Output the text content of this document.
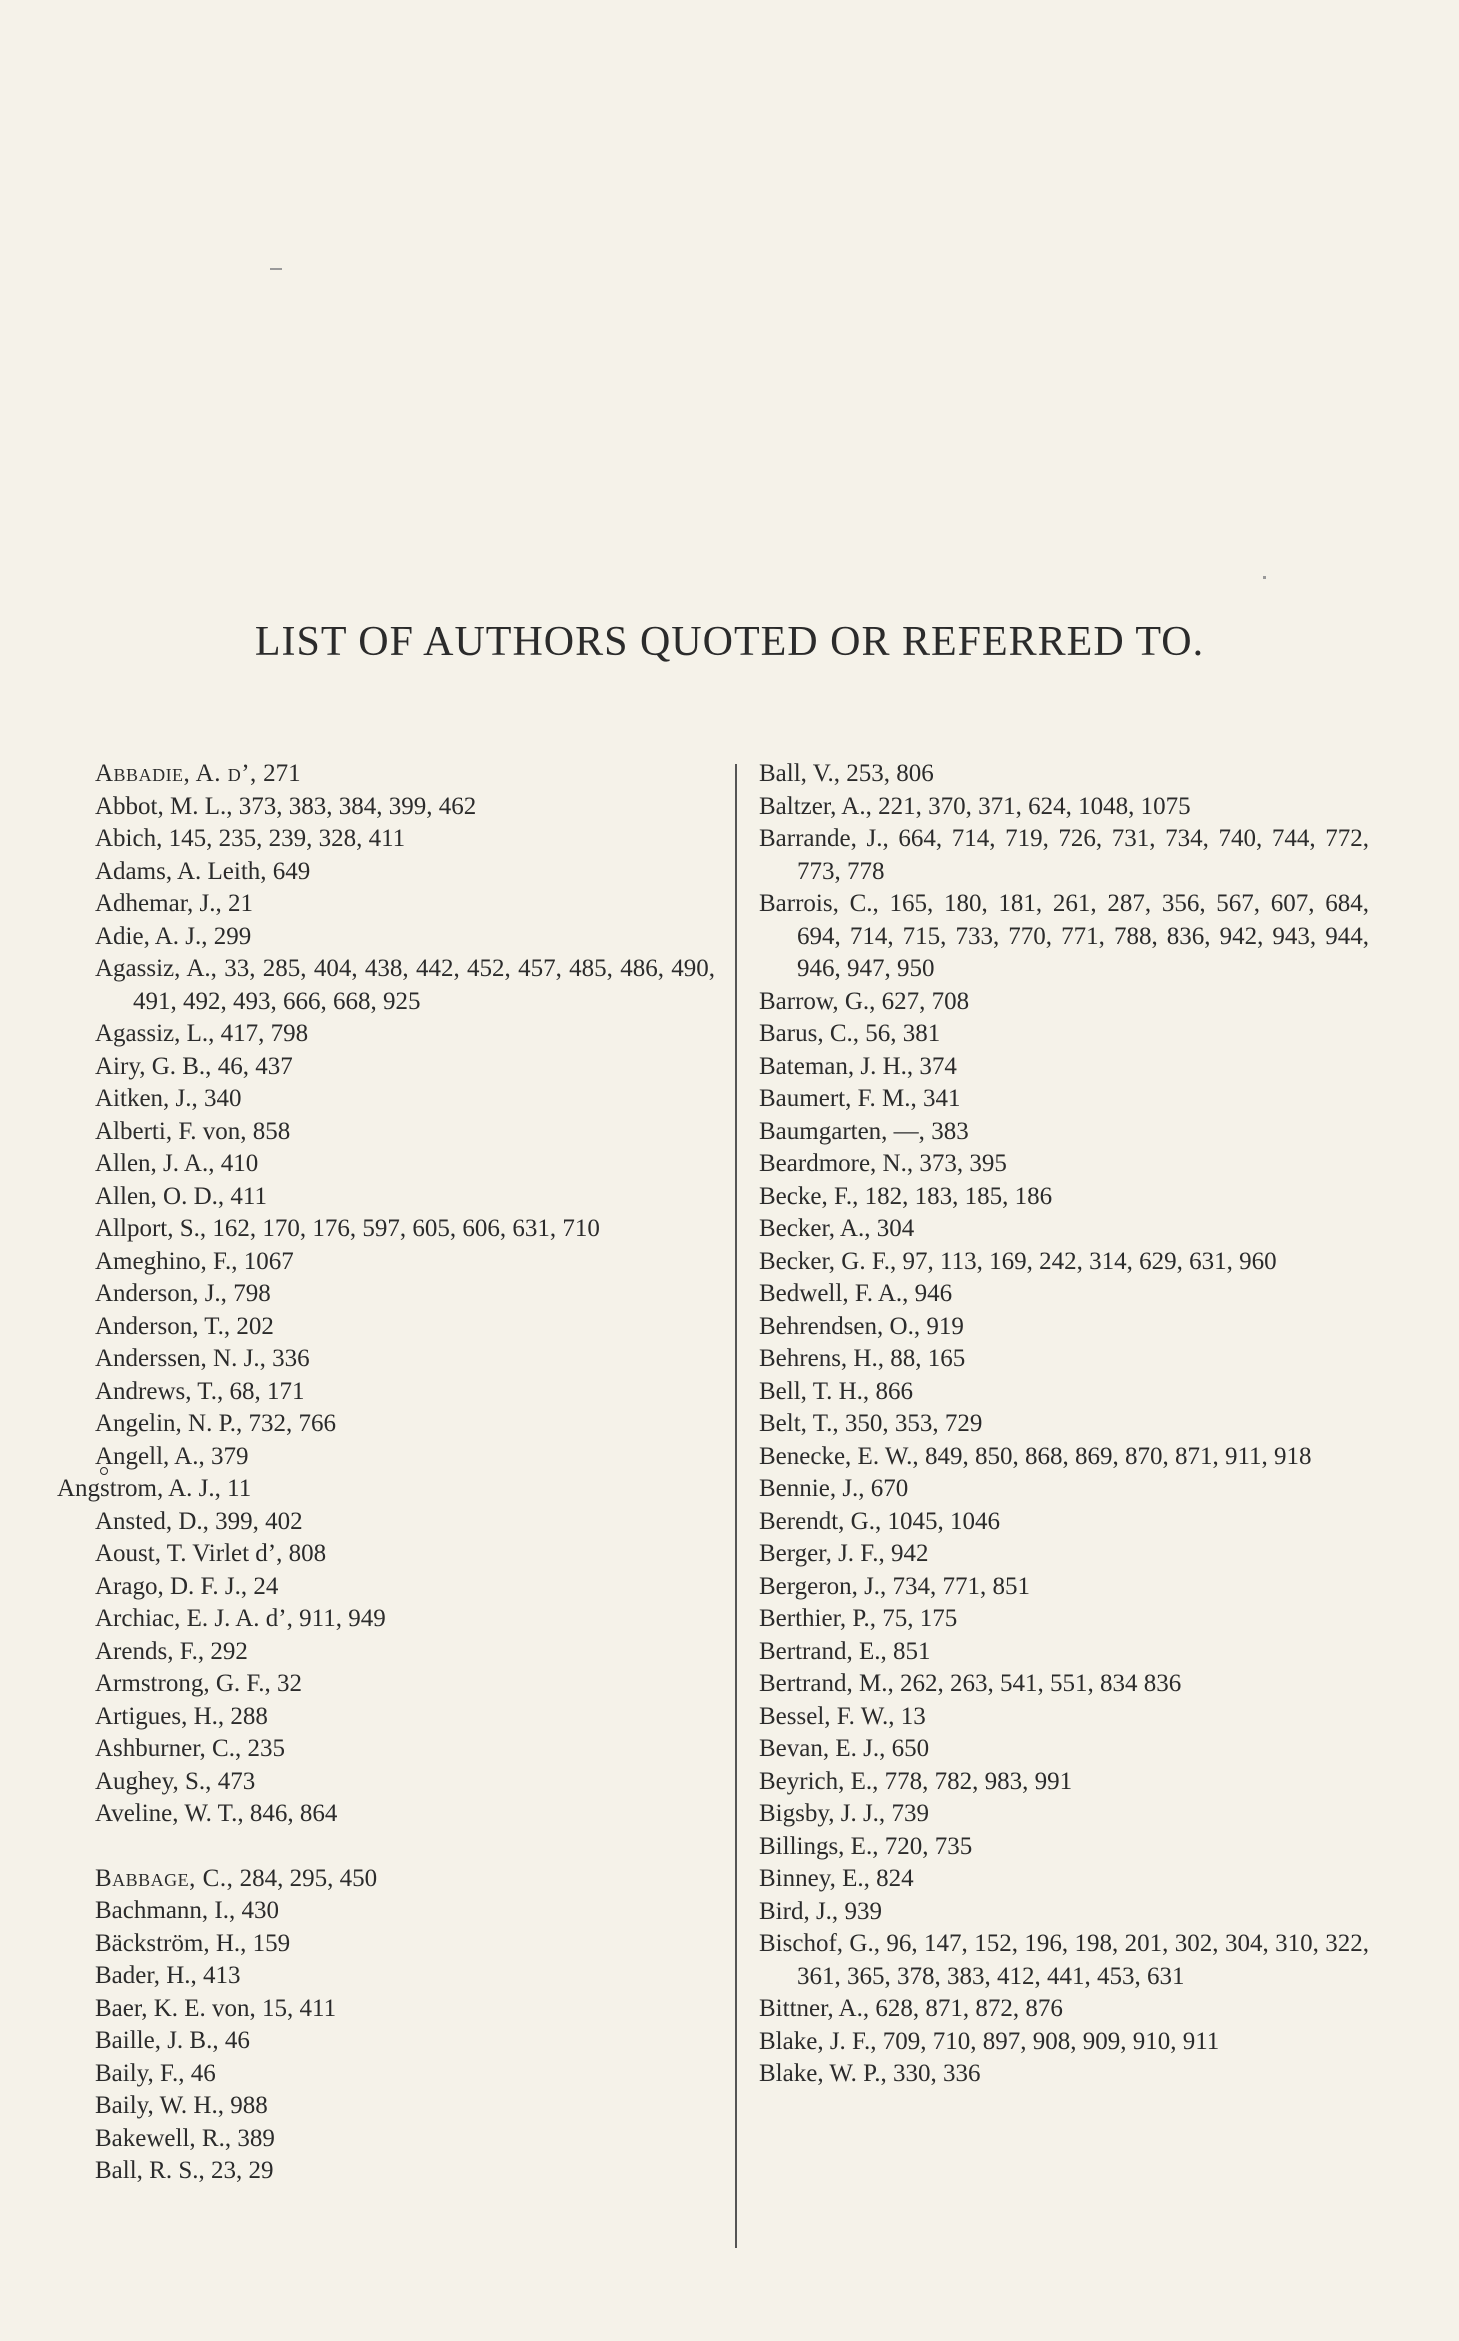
LIST OF AUTHORS QUOTED OR REFERRED TO.
Abbadie, A. d’, 271
Abbot, M. L., 373, 383, 384, 399, 462
Abich, 145, 235, 239, 328, 411
Adams, A. Leith, 649
Adhemar, J., 21
Adie, A. J., 299
Agassiz, A., 33, 285, 404, 438, 442, 452, 457, 485, 486, 490, 491, 492, 493, 666, 668, 925
Agassiz, L., 417, 798
Airy, G. B., 46, 437
Aitken, J., 340
Alberti, F. von, 858
Allen, J. A., 410
Allen, O. D., 411
Allport, S., 162, 170, 176, 597, 605, 606, 631, 710
Ameghino, F., 1067
Anderson, J., 798
Anderson, T., 202
Anderssen, N. J., 336
Andrews, T., 68, 171
Angelin, N. P., 732, 766
Angell, A., 379
Angstrom, A. J., 11
Ansted, D., 399, 402
Aoust, T. Virlet d’, 808
Arago, D. F. J., 24
Archiac, E. J. A. d’, 911, 949
Arends, F., 292
Armstrong, G. F., 32
Artigues, H., 288
Ashburner, C., 235
Aughey, S., 473
Aveline, W. T., 846, 864
Babbage, C., 284, 295, 450
Bachmann, I., 430
Bäckström, H., 159
Bader, H., 413
Baer, K. E. von, 15, 411
Baille, J. B., 46
Baily, F., 46
Baily, W. H., 988
Bakewell, R., 389
Ball, R. S., 23, 29
Ball, V., 253, 806
Baltzer, A., 221, 370, 371, 624, 1048, 1075
Barrande, J., 664, 714, 719, 726, 731, 734, 740, 744, 772, 773, 778
Barrois, C., 165, 180, 181, 261, 287, 356, 567, 607, 684, 694, 714, 715, 733, 770, 771, 788, 836, 942, 943, 944, 946, 947, 950
Barrow, G., 627, 708
Barus, C., 56, 381
Bateman, J. H., 374
Baumert, F. M., 341
Baumgarten, —, 383
Beardmore, N., 373, 395
Becke, F., 182, 183, 185, 186
Becker, A., 304
Becker, G. F., 97, 113, 169, 242, 314, 629, 631, 960
Bedwell, F. A., 946
Behrendsen, O., 919
Behrens, H., 88, 165
Bell, T. H., 866
Belt, T., 350, 353, 729
Benecke, E. W., 849, 850, 868, 869, 870, 871, 911, 918
Bennie, J., 670
Berendt, G., 1045, 1046
Berger, J. F., 942
Bergeron, J., 734, 771, 851
Berthier, P., 75, 175
Bertrand, E., 851
Bertrand, M., 262, 263, 541, 551, 834 836
Bessel, F. W., 13
Bevan, E. J., 650
Beyrich, E., 778, 782, 983, 991
Bigsby, J. J., 739
Billings, E., 720, 735
Binney, E., 824
Bird, J., 939
Bischof, G., 96, 147, 152, 196, 198, 201, 302, 304, 310, 322, 361, 365, 378, 383, 412, 441, 453, 631
Bittner, A., 628, 871, 872, 876
Blake, J. F., 709, 710, 897, 908, 909, 910, 911
Blake, W. P., 330, 336
